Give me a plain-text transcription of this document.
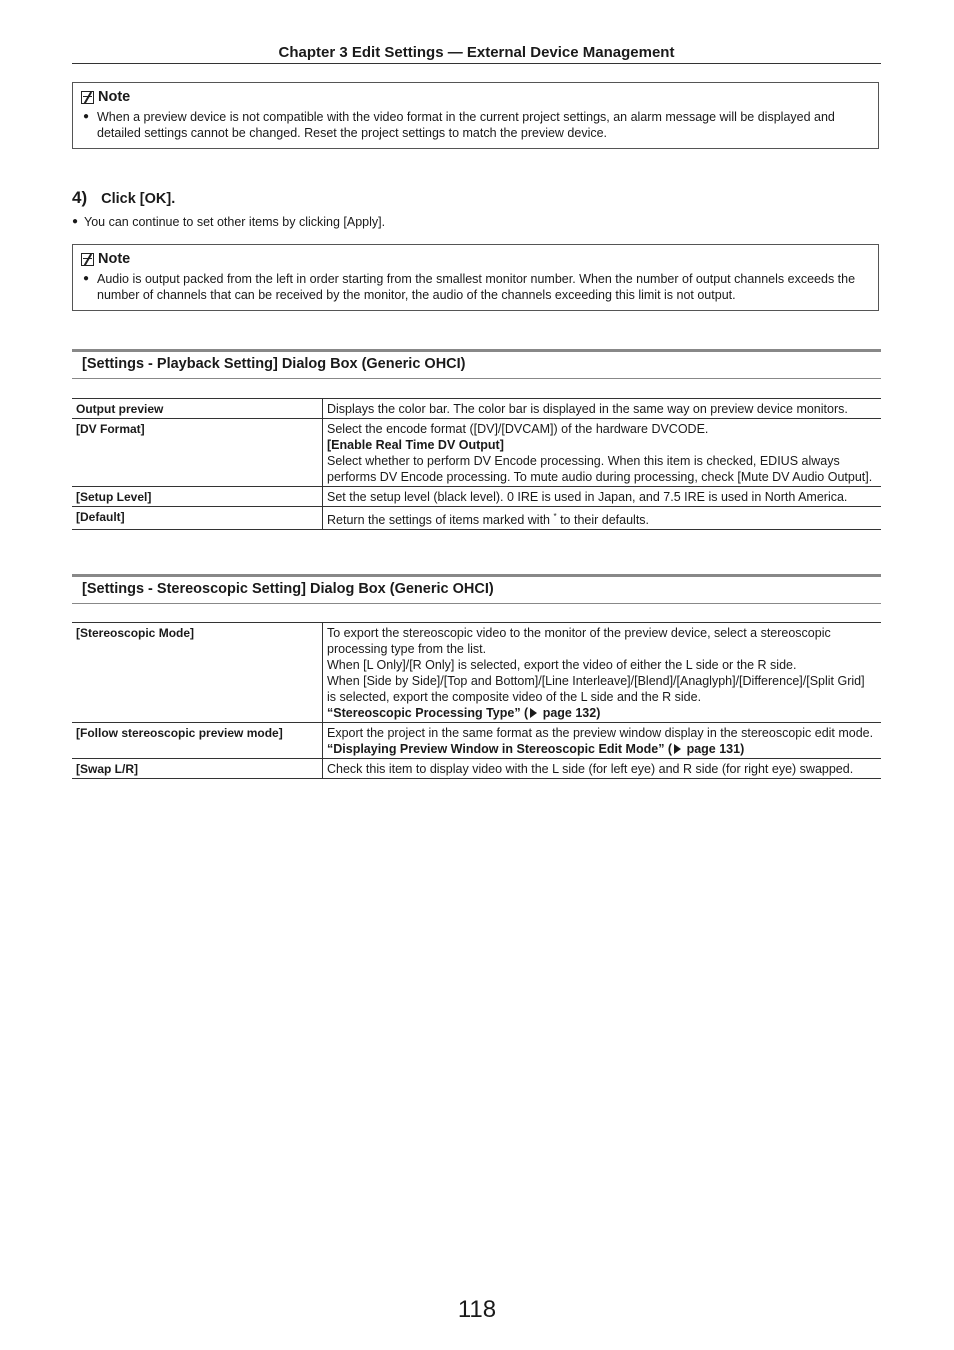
Chapter 3 Edit Settings — External Device Management
Note
● When a preview device is not compatible with the video format in the current project settings, an alarm message will be displayed and detailed settings cannot be changed. Reset the project settings to match the preview device.
4) Click [OK].
● You can continue to set other items by clicking [Apply].
Note
● Audio is output packed from the left in order starting from the smallest monitor number. When the number of output channels exceeds the number of channels that can be received by the monitor, the audio of the channels exceeding this limit is not output.
[Settings - Playback Setting] Dialog Box (Generic OHCI)
Output preview	Displays the color bar. The color bar is displayed in the same way on preview device monitors.
[DV Format]	Select the encode format ([DV]/[DVCAM]) of the hardware DVCODE.
[Enable Real Time DV Output]
Select whether to perform DV Encode processing. When this item is checked, EDIUS always performs DV Encode processing. To mute audio during processing, check [Mute DV Audio Output].

[Setup Level]	Set the setup level (black level). 0 IRE is used in Japan, and 7.5 IRE is used in North America.
[Default]	Return the settings of items marked with * to their defaults.
[Settings - Stereoscopic Setting] Dialog Box (Generic OHCI)
[Stereoscopic Mode]	To export the stereoscopic video to the monitor of the preview device, select a stereoscopic processing type from the list.
When [L Only]/[R Only] is selected, export the video of either the L side or the R side.
When [Side by Side]/[Top and Bottom]/[Line Interleave]/[Blend]/[Anaglyph]/[Difference]/[Split Grid] is selected, export the composite video of the L side and the R side.
“Stereoscopic Processing Type” ( page 132)

[Follow stereoscopic preview mode]	Export the project in the same format as the preview window display in the stereoscopic edit mode.
“Displaying Preview Window in Stereoscopic Edit Mode” ( page 131)

[Swap L/R]	Check this item to display video with the L side (for left eye) and R side (for right eye) swapped.
118
